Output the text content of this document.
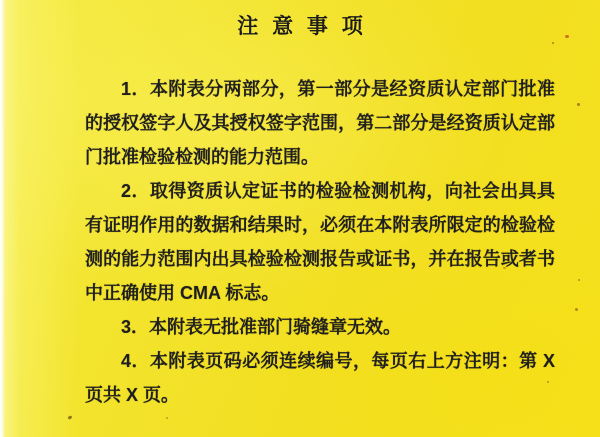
注 意 事 项

1．本附表分两部分，第一部分是经资质认定部门批准的授权签字人及其授权签字范围，第二部分是经资质认定部门批准检验检测的能力范围。

2．取得资质认定证书的检验检测机构，向社会出具具有证明作用的数据和结果时，必须在本附表所限定的检验检测的能力范围内出具检验检测报告或证书，并在报告或者书中正确使用 CMA 标志。

3．本附表无批准部门骑缝章无效。

4．本附表页码必须连续编号，每页右上方注明：第 X 页共 X 页。
